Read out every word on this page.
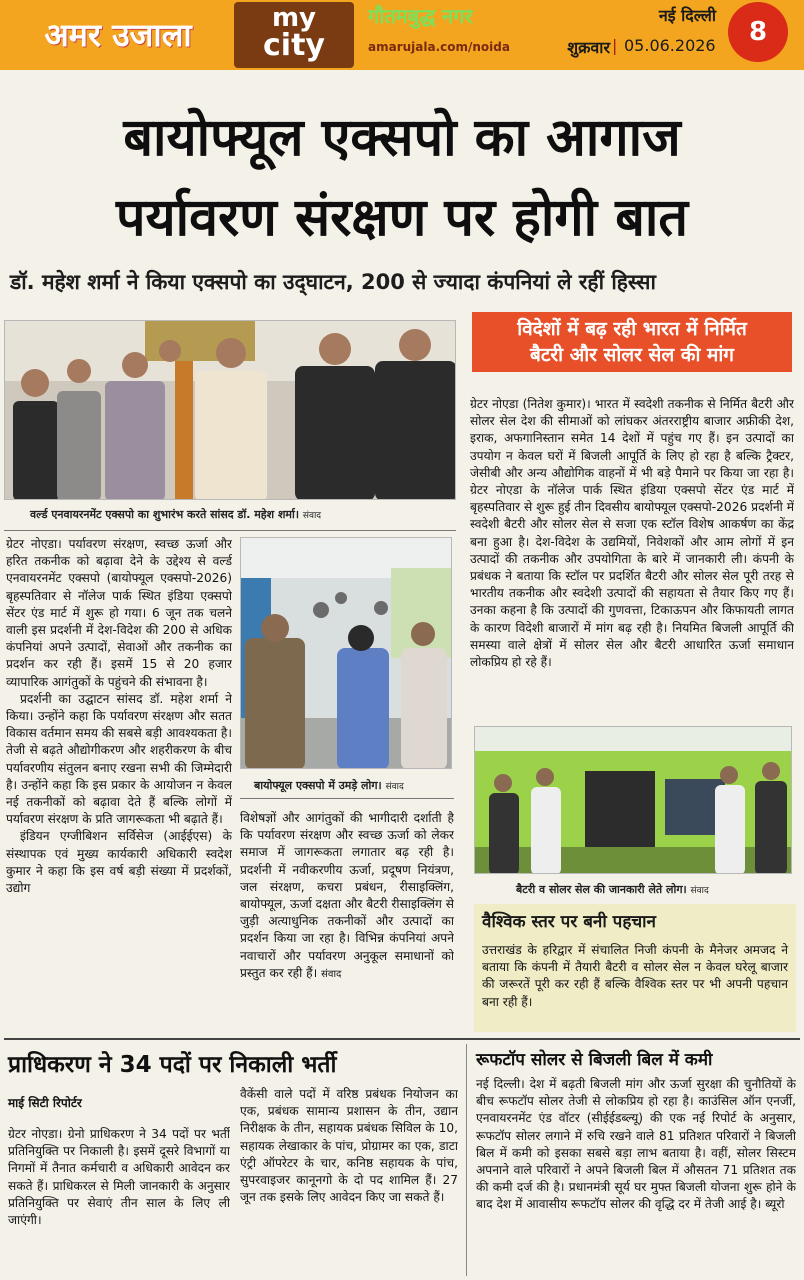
अमर उजाला	my
city
गौतमबुद्ध नगर
amarujala.com/noida
नई दिल्ली
शुक्रवार | 05.06.2026	8
बायोफ्यूल एक्सपो का आगाज
पर्यावरण संरक्षण पर होगी बात
डॉ. महेश शर्मा ने किया एक्सपो का उद्‌घाटन, 200 से ज्यादा कंपनियां ले रहीं हिस्सा
वर्ल्ड एनवायरनमेंट एक्सपो का शुभारंभ करते सांसद डॉ. महेश शर्मा। संवाद

ग्रेटर नोएडा। पर्यावरण संरक्षण, स्वच्छ ऊर्जा और हरित तकनीक को बढ़ावा देने के उद्देश्य से वर्ल्ड एनवायरनमेंट एक्सपो (बायोफ्यूल एक्सपो-2026) बृहस्पतिवार से नॉलेज पार्क स्थित इंडिया एक्सपो सेंटर एंड मार्ट में शुरू हो गया। 6 जून तक चलने वाली इस प्रदर्शनी में देश-विदेश की 200 से अधिक कंपनियां अपने उत्पादों, सेवाओं और तकनीक का प्रदर्शन कर रही हैं। इसमें 15 से 20 हजार व्यापारिक आगंतुकों के पहुंचने की संभावना है।

प्रदर्शनी का उद्घाटन सांसद डॉ. महेश शर्मा ने किया। उन्होंने कहा कि पर्यावरण संरक्षण और सतत विकास वर्तमान समय की सबसे बड़ी आवश्यकता है। तेजी से बढ़ते औद्योगीकरण और शहरीकरण के बीच पर्यावरणीय संतुलन बनाए रखना सभी की जिम्मेदारी है। उन्होंने कहा कि इस प्रकार के आयोजन न केवल नई तकनीकों को बढ़ावा देते हैं बल्कि लोगों में पर्यावरण संरक्षण के प्रति जागरूकता भी बढ़ाते हैं।

इंडियन एग्जीबिशन सर्विसेज (आईईएस) के संस्थापक एवं मुख्य कार्यकारी अधिकारी स्वदेश कुमार ने कहा कि इस वर्ष बड़ी संख्या में प्रदर्शकों, उद्योग

बायोफ्यूल एक्सपो में उमड़े लोग। संवाद

विशेषज्ञों और आगंतुकों की भागीदारी दर्शाती है कि पर्यावरण संरक्षण और स्वच्छ ऊर्जा को लेकर समाज में जागरूकता लगातार बढ़ रही है। प्रदर्शनी में नवीकरणीय ऊर्जा, प्रदूषण नियंत्रण, जल संरक्षण, कचरा प्रबंधन, रीसाइक्लिंग, बायोफ्यूल, ऊर्जा दक्षता और बैटरी रीसाइक्लिंग से जुड़ी अत्याधुनिक तकनीकों और उत्पादों का प्रदर्शन किया जा रहा है। विभिन्न कंपनियां अपने नवाचारों और पर्यावरण अनुकूल समाधानों को प्रस्तुत कर रही हैं। संवाद

विदेशों में बढ़ रही भारत में निर्मित
बैटरी और सोलर सेल की मांग

ग्रेटर नोएडा (नितेश कुमार)। भारत में स्वदेशी तकनीक से निर्मित बैटरी और सोलर सेल देश की सीमाओं को लांघकर अंतरराष्ट्रीय बाजार अफ्रीकी देश, इराक, अफगानिस्तान समेत 14 देशों में पहुंच गए हैं। इन उत्पादों का उपयोग न केवल घरों में बिजली आपूर्ति के लिए हो रहा है बल्कि ट्रैक्टर, जेसीबी और अन्य औद्योगिक वाहनों में भी बड़े पैमाने पर किया जा रहा है। ग्रेटर नोएडा के नॉलेज पार्क स्थित इंडिया एक्सपो सेंटर एंड मार्ट में बृहस्पतिवार से शुरू हुई तीन दिवसीय बायोफ्यूल एक्सपो-2026 प्रदर्शनी में स्वदेशी बैटरी और सोलर सेल से सजा एक स्टॉल विशेष आकर्षण का केंद्र बना हुआ है। देश-विदेश के उद्यमियों, निवेशकों और आम लोगों में इन उत्पादों की तकनीक और उपयोगिता के बारे में जानकारी ली। कंपनी के प्रबंधक ने बताया कि स्टॉल पर प्रदर्शित बैटरी और सोलर सेल पूरी तरह से भारतीय तकनीक और स्वदेशी उत्पादों की सहायता से तैयार किए गए हैं। उनका कहना है कि उत्पादों की गुणवत्ता, टिकाऊपन और किफायती लागत के कारण विदेशी बाजारों में मांग बढ़ रही है। नियमित बिजली आपूर्ति की समस्या वाले क्षेत्रों में सोलर सेल और बैटरी आधारित ऊर्जा समाधान लोकप्रिय हो रहे हैं।

बैटरी व सोलर सेल की जानकारी लेते लोग। संवाद
वैश्विक स्तर पर बनी पहचान
उत्तराखंड के हरिद्वार में संचालित निजी कंपनी के मैनेजर अमजद ने बताया कि कंपनी में तैयारी बैटरी व सोलर सेल न केवल घरेलू बाजार की जरूरतें पूरी कर रही हैं बल्कि वैश्विक स्तर पर भी अपनी पहचान बना रही हैं।
प्राधिकरण ने 34 पदों पर निकाली भर्ती
माई सिटी रिपोर्टर

ग्रेटर नोएडा। ग्रेनो प्राधिकरण ने 34 पदों पर भर्ती प्रतिनियुक्ति पर निकाली है। इसमें दूसरे विभागों या निगमों में तैनात कर्मचारी व अधिकारी आवेदन कर सकते हैं। प्राधिकरल से मिली जानकारी के अनुसार प्रतिनियुक्ति पर सेवाएं तीन साल के लिए ली जाएंगी।

वैकेंसी वाले पदों में वरिष्ठ प्रबंधक नियोजन का एक, प्रबंधक सामान्य प्रशासन के तीन, उद्यान निरीक्षक के तीन, सहायक प्रबंधक सिविल के 10, सहायक लेखाकार के पांच, प्रोग्रामर का एक, डाटा एंट्री ऑपरेटर के चार, कनिष्ठ सहायक के पांच, सुपरवाइजर कानूनगो के दो पद शामिल हैं। 27 जून तक इसके लिए आवेदन किए जा सकते हैं।

रूफटॉप सोलर से बिजली बिल में कमी

नई दिल्ली। देश में बढ़ती बिजली मांग और ऊर्जा सुरक्षा की चुनौतियों के बीच रूफटॉप सोलर तेजी से लोकप्रिय हो रहा है। काउंसिल ऑन एनर्जी, एनवायरनमेंट एंड वॉटर (सीईईडब्ल्यू) की एक नई रिपोर्ट के अनुसार, रूफटॉप सोलर लगाने में रुचि रखने वाले 81 प्रतिशत परिवारों ने बिजली बिल में कमी को इसका सबसे बड़ा लाभ बताया है। वहीं, सोलर सिस्टम अपनाने वाले परिवारों ने अपने बिजली बिल में औसतन 71 प्रतिशत तक की कमी दर्ज की है। प्रधानमंत्री सूर्य घर मुफ्त बिजली योजना शुरू होने के बाद देश में आवासीय रूफटॉप सोलर की वृद्धि दर में तेजी आई है। ब्यूरो
